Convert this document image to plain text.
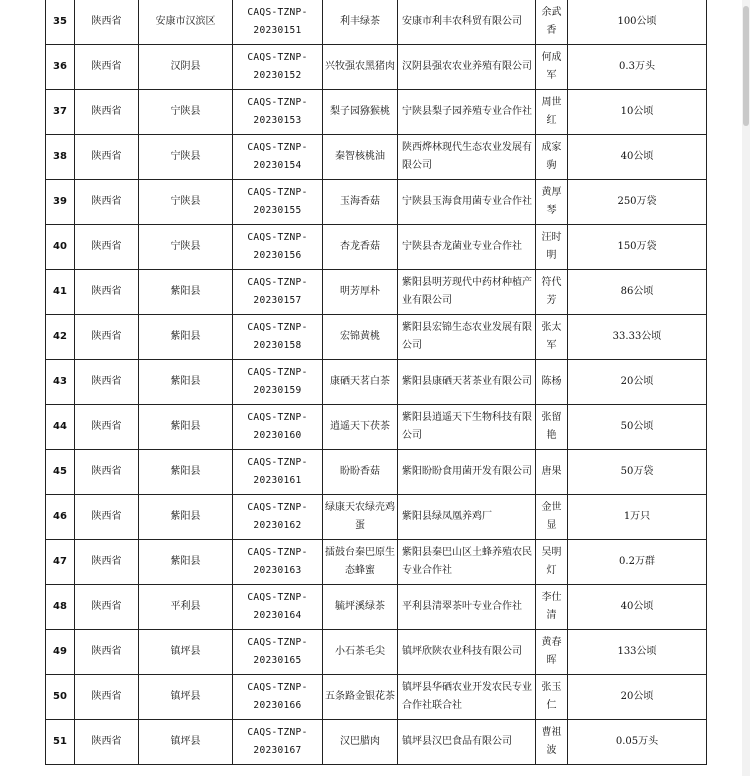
35	陕西省	安康市汉滨区	CAQS-TZNP-20230151	利丰绿茶	安康市利丰农科贸有限公司	余武香	100公顷
36	陕西省	汉阴县	CAQS-TZNP-20230152	兴牧强农黑猪肉	汉阴县强农农业养殖有限公司	何成军	0.3万头
37	陕西省	宁陕县	CAQS-TZNP-20230153	梨子园猕猴桃	宁陕县梨子园养殖专业合作社	周世红	10公顷
38	陕西省	宁陕县	CAQS-TZNP-20230154	秦智核桃油	陕西烨林现代生态农业发展有限公司	成家驹	40公顷
39	陕西省	宁陕县	CAQS-TZNP-20230155	玉海香菇	宁陕县玉海食用菌专业合作社	黄厚琴	250万袋
40	陕西省	宁陕县	CAQS-TZNP-20230156	杏龙香菇	宁陕县杏龙菌业专业合作社	汪时明	150万袋
41	陕西省	紫阳县	CAQS-TZNP-20230157	明芳厚朴	紫阳县明芳现代中药材种植产业有限公司	符代芳	86公顷
42	陕西省	紫阳县	CAQS-TZNP-20230158	宏锦黄桃	紫阳县宏锦生态农业发展有限公司	张太军	33.33公顷
43	陕西省	紫阳县	CAQS-TZNP-20230159	康硒天茗白茶	紫阳县康硒天茗茶业有限公司	陈杨	20公顷
44	陕西省	紫阳县	CAQS-TZNP-20230160	逍遥天下茯茶	紫阳县逍遥天下生物科技有限公司	张留艳	50公顷
45	陕西省	紫阳县	CAQS-TZNP-20230161	盼盼香菇	紫阳盼盼食用菌开发有限公司	唐果	50万袋
46	陕西省	紫阳县	CAQS-TZNP-20230162	绿康天农绿壳鸡蛋	紫阳县绿凤凰养鸡厂	金世显	1万只
47	陕西省	紫阳县	CAQS-TZNP-20230163	擂鼓台秦巴原生态蜂蜜	紫阳县秦巴山区土蜂养殖农民专业合作社	吴明灯	0.2万群
48	陕西省	平利县	CAQS-TZNP-20230164	毓坪溪绿茶	平利县清翠茶叶专业合作社	李仕清	40公顷
49	陕西省	镇坪县	CAQS-TZNP-20230165	小石茶毛尖	镇坪欣陕农业科技有限公司	黄春晖	133公顷
50	陕西省	镇坪县	CAQS-TZNP-20230166	五条路金银花茶	镇坪县华硒农业开发农民专业合作社联合社	张玉仁	20公顷
51	陕西省	镇坪县	CAQS-TZNP-20230167	汉巴腊肉	镇坪县汉巴食品有限公司	曹祖波	0.05万头
